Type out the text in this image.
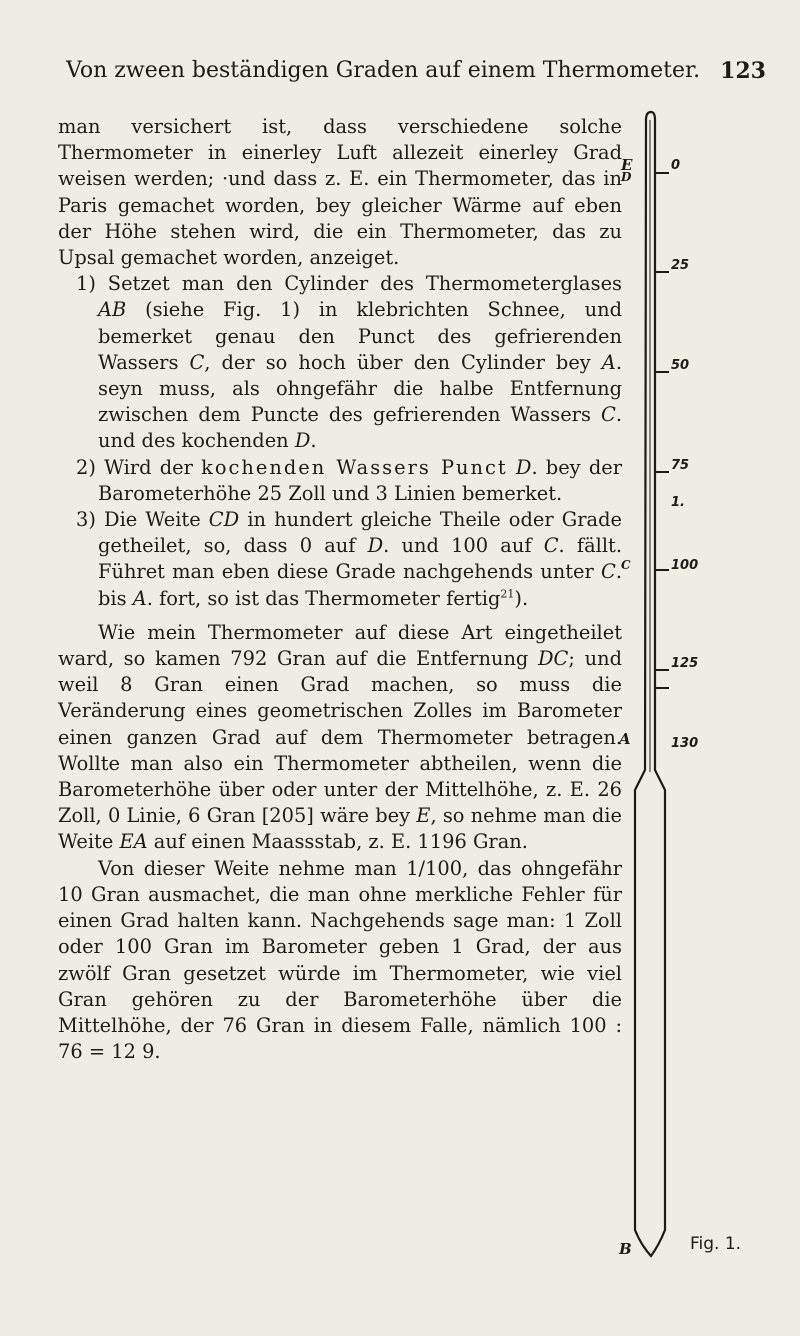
Von zween beständigen Graden auf einem Thermometer. 123

man versichert ist, dass verschiedene solche Thermometer in einerley Luft allezeit einerley Grad weisen werden; ·und dass z. E. ein Thermometer, das in Paris gemachet worden, bey gleicher Wärme auf eben der Höhe stehen wird, die ein Thermometer, das zu Upsal gemachet worden, anzeiget.

1) Setzet man den Cylinder des Thermometerglases AB (siehe Fig. 1) in klebrichten Schnee, und bemerket genau den Punct des gefrierenden Wassers C, der so hoch über den Cylinder bey A. seyn muss, als ohngefähr die halbe Entfernung zwischen dem Puncte des gefrierenden Wassers C. und des kochenden D.

2) Wird der kochenden Wassers Punct D. bey der Barometerhöhe 25 Zoll und 3 Linien bemerket.

3) Die Weite CD in hundert gleiche Theile oder Grade getheilet, so, dass 0 auf D. und 100 auf C. fällt. Führet man eben diese Grade nachgehends unter C. bis A. fort, so ist das Thermometer fertig$^{21}$).

Wie mein Thermometer auf diese Art eingetheilet ward, so kamen 792 Gran auf die Entfernung DC; und weil 8 Gran einen Grad machen, so muss die Veränderung eines geometrischen Zolles im Barometer einen ganzen Grad auf dem Thermometer betragen. Wollte man also ein Thermometer abtheilen, wenn die Barometerhöhe über oder unter der Mittelhöhe, z. E. 26 Zoll, 0 Linie, 6 Gran [205] wäre bey E, so nehme man die Weite EA auf einen Maassstab, z. E. 1196 Gran.

Von dieser Weite nehme man 1/100, das ohngefähr 10 Gran ausmachet, die man ohne merkliche Fehler für einen Grad halten kann. Nachgehends sage man: 1 Zoll oder 100 Gran im Barometer geben 1 Grad, der aus zwölf Gran gesetzet würde im Thermometer, wie viel Gran gehören zu der Barometerhöhe über die Mittelhöhe, der 76 Gran in diesem Falle, nämlich 100 : 76 = 12 9.

E
D
C
A
B
0
25
50
75
1.
100
125
130
Fig. 1.
